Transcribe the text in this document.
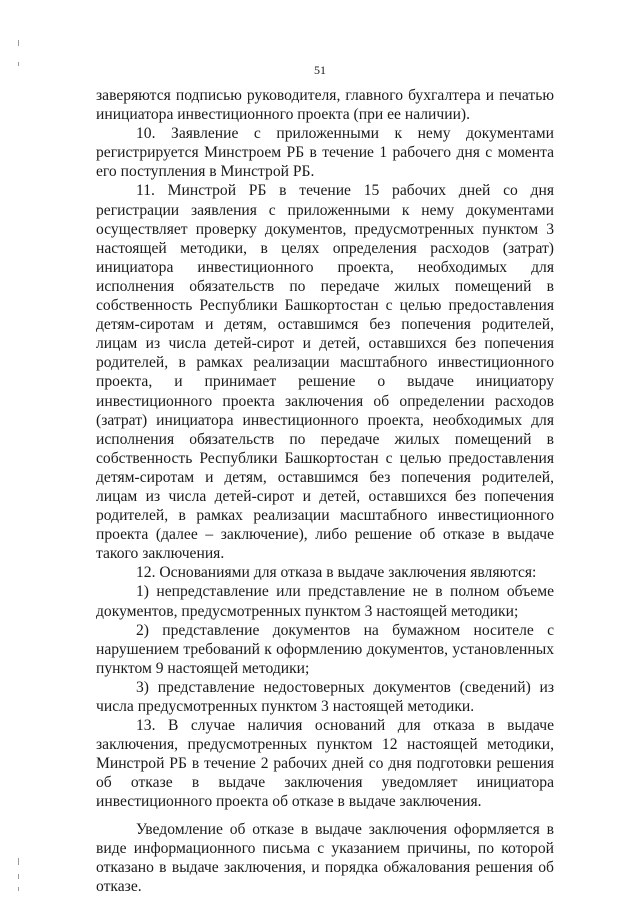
51

заверяются подписью руководителя, главного бухгалтера и печатью инициатора инвестиционного проекта (при ее наличии).

10. Заявление с приложенными к нему документами регистрируется Минстроем РБ в течение 1 рабочего дня с момента его поступления в Минстрой РБ.

11. Минстрой РБ в течение 15 рабочих дней со дня регистрации заявления с приложенными к нему документами осуществляет проверку документов, предусмотренных пунктом 3 настоящей методики, в целях определения расходов (затрат) инициатора инвестиционного проекта, необходимых для исполнения обязательств по передаче жилых помещений в собственность Республики Башкортостан с целью предоставления детям-сиротам и детям, оставшимся без попечения родителей, лицам из числа детей-сирот и детей, оставшихся без попечения родителей, в рамках реализации масштабного инвестиционного проекта, и принимает решение о выдаче инициатору инвестиционного проекта заключения об определении расходов (затрат) инициатора инвестиционного проекта, необходимых для исполнения обязательств по передаче жилых помещений в собственность Республики Башкортостан с целью предоставления детям-сиротам и детям, оставшимся без попечения родителей, лицам из числа детей-сирот и детей, оставшихся без попечения родителей, в рамках реализации масштабного инвестиционного проекта (далее – заключение), либо решение об отказе в выдаче такого заключения.

12. Основаниями для отказа в выдаче заключения являются:

1) непредставление или представление не в полном объеме документов, предусмотренных пунктом 3 настоящей методики;

2) представление документов на бумажном носителе с нарушением требований к оформлению документов, установленных пунктом 9 настоящей методики;

3) представление недостоверных документов (сведений) из числа предусмотренных пунктом 3 настоящей методики.

13. В случае наличия оснований для отказа в выдаче заключения, предусмотренных пунктом 12 настоящей методики, Минстрой РБ в течение 2 рабочих дней со дня подготовки решения об отказе в выдаче заключения уведомляет инициатора инвестиционного проекта об отказе в выдаче заключения.

Уведомление об отказе в выдаче заключения оформляется в виде информационного письма с указанием причины, по которой отказано в выдаче заключения, и порядка обжалования решения об отказе.
